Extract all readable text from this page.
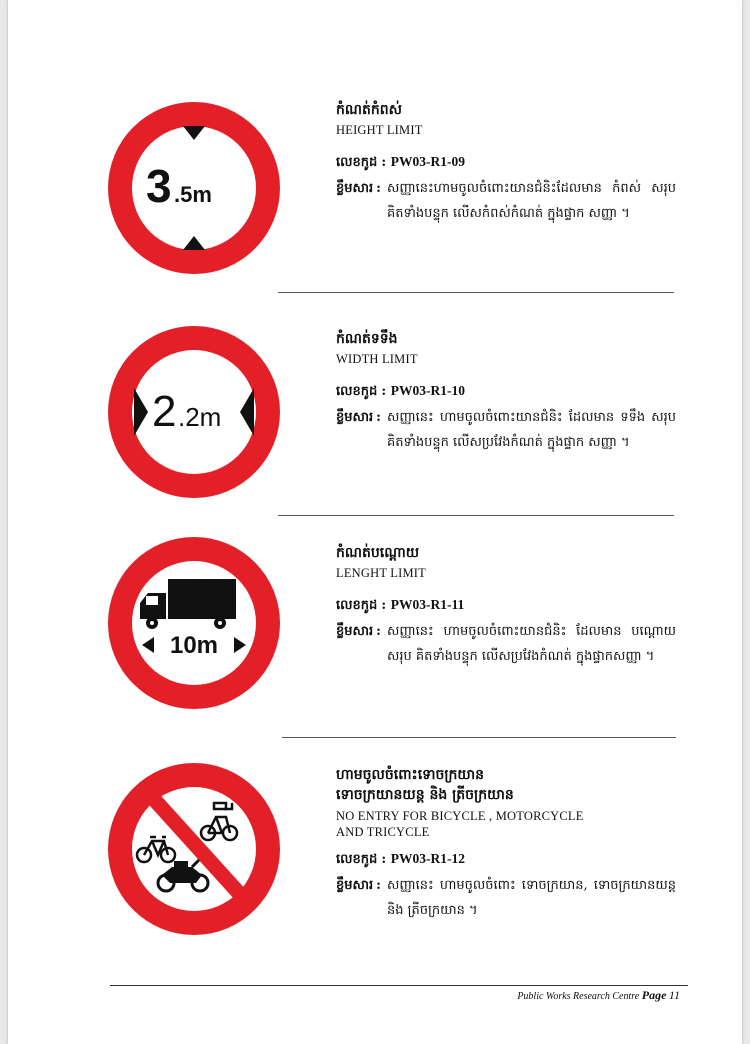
3 .5m

កំណត់កំពស់

HEIGHT LIMIT

លេខកូដ : PW03-R1-09
ខ្លឹមសារ : សញ្ញានេះហាមចូលចំពោះយានជំនិះដែលមាន កំពស់ សរុប គិតទាំងបន្ទុក លើសកំពស់កំណត់ ក្នុងផ្ទាក សញ្ញា ។
2 .2m

កំណត់ទទឹង

WIDTH LIMIT

លេខកូដ : PW03-R1-10
ខ្លឹមសារ : សញ្ញានេះ ហាមចូលចំពោះយានជំនិះ ដែលមាន ទទឹង សរុប គិតទាំងបន្ទុក លើសប្រវែងកំណត់ ក្នុងផ្ទាក សញ្ញា ។
10m

កំណត់បណ្តោយ

LENGHT LIMIT

លេខកូដ : PW03-R1-11
ខ្លឹមសារ : សញ្ញានេះ ហាមចូលចំពោះយានជំនិះ ដែលមាន បណ្តោយ សរុប គិតទាំងបន្ទុក លើសប្រវែងកំណត់ ក្នុងផ្ទាកសញ្ញា ។

ហាមចូលចំពោះទោចក្រយាន

ទោចក្រយានយន្ត និង ត្រីចក្រយាន

NO ENTRY FOR BICYCLE , MOTORCYCLE

AND TRICYCLE

លេខកូដ : PW03-R1-12
ខ្លឹមសារ : សញ្ញានេះ ហាមចូលចំពោះ ទោចក្រយាន, ទោចក្រយានយន្ត និង ត្រីចក្រយាន ។
Public Works Research Centre Page 11
